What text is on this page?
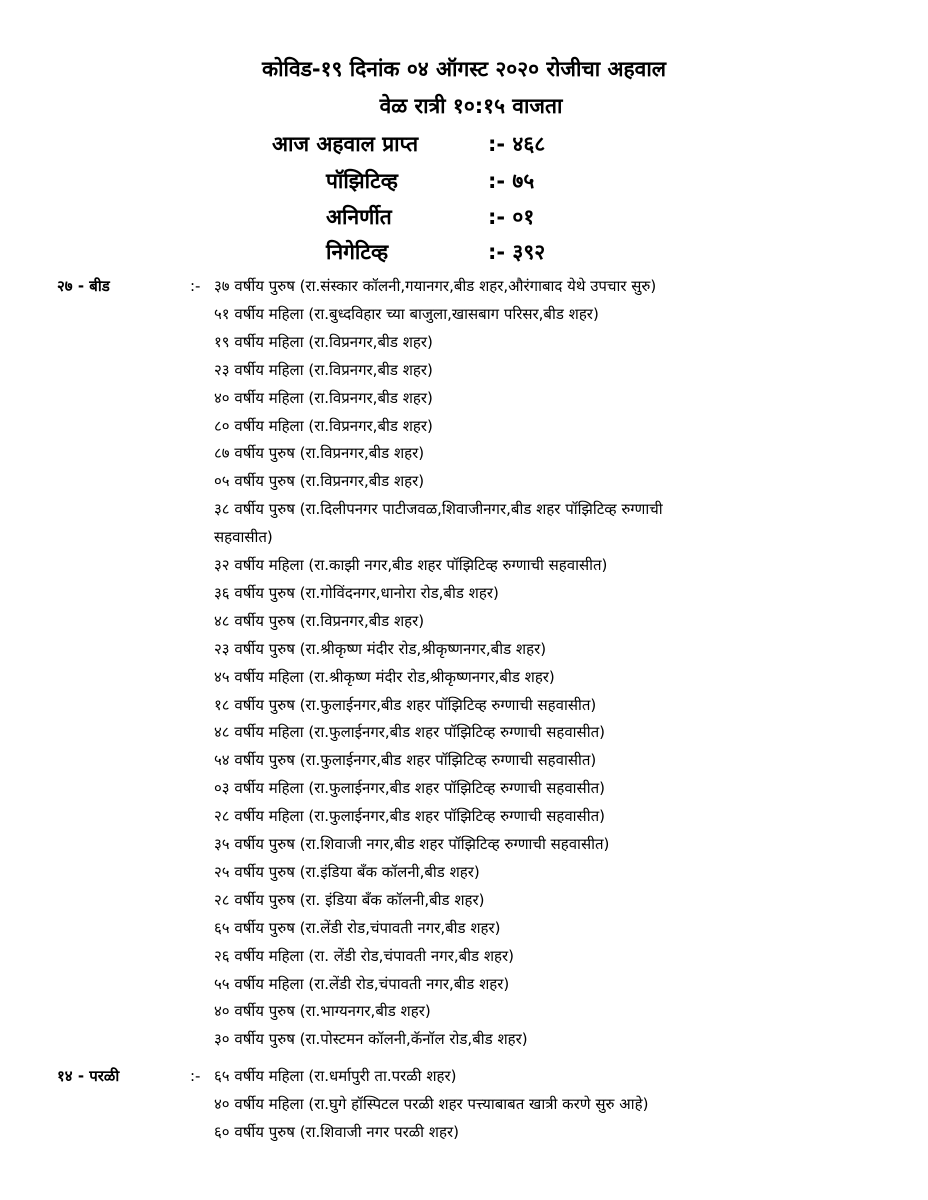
कोविड-१९ दिनांक ०४ ऑगस्ट २०२० रोजीचा अहवाल
वेळ रात्री १०:१५ वाजता
आज अहवाल प्राप्त	:- ४६८
पॉझिटिव्ह	:- ७५
अनिर्णीत	:- ०१
निगेटिव्ह	:- ३९२
२७ - बीड	:- ३७ वर्षीय पुरुष (रा.संस्कार कॉलनी,गयानगर,बीड शहर,औरंगाबाद येथे उपचार सुरु)
५१ वर्षीय महिला (रा.बुध्दविहार च्या बाजुला,खासबाग परिसर,बीड शहर)
१९ वर्षीय महिला (रा.विप्रनगर,बीड शहर)
२३ वर्षीय महिला (रा.विप्रनगर,बीड शहर)
४० वर्षीय महिला (रा.विप्रनगर,बीड शहर)
८० वर्षीय महिला (रा.विप्रनगर,बीड शहर)
८७ वर्षीय पुरुष (रा.विप्रनगर,बीड शहर)
०५ वर्षीय पुरुष (रा.विप्रनगर,बीड शहर)
३८ वर्षीय पुरुष (रा.दिलीपनगर पाटीजवळ,शिवाजीनगर,बीड शहर पॉझिटिव्ह रुग्णाची
सहवासीत)
३२ वर्षीय महिला (रा.काझी नगर,बीड शहर पॉझिटिव्ह रुग्णाची सहवासीत)
३६ वर्षीय पुरुष (रा.गोविंदनगर,धानोरा रोड,बीड शहर)
४८ वर्षीय पुरुष (रा.विप्रनगर,बीड शहर)
२३ वर्षीय पुरुष (रा.श्रीकृष्ण मंदीर रोड,श्रीकृष्णनगर,बीड शहर)
४५ वर्षीय महिला (रा.श्रीकृष्ण मंदीर रोड,श्रीकृष्णनगर,बीड शहर)
१८ वर्षीय पुरुष (रा.फुलाईनगर,बीड शहर पॉझिटिव्ह रुग्णाची सहवासीत)
४८ वर्षीय महिला (रा.फुलाईनगर,बीड शहर पॉझिटिव्ह रुग्णाची सहवासीत)
५४ वर्षीय पुरुष (रा.फुलाईनगर,बीड शहर पॉझिटिव्ह रुग्णाची सहवासीत)
०३ वर्षीय महिला (रा.फुलाईनगर,बीड शहर पॉझिटिव्ह रुग्णाची सहवासीत)
२८ वर्षीय महिला (रा.फुलाईनगर,बीड शहर पॉझिटिव्ह रुग्णाची सहवासीत)
३५ वर्षीय पुरुष (रा.शिवाजी नगर,बीड शहर पॉझिटिव्ह रुग्णाची सहवासीत)
२५ वर्षीय पुरुष (रा.इंडिया बँक कॉलनी,बीड शहर)
२८ वर्षीय पुरुष (रा. इंडिया बँक कॉलनी,बीड शहर)
६५ वर्षीय पुरुष (रा.लेंडी रोड,चंपावती नगर,बीड शहर)
२६ वर्षीय महिला (रा. लेंडी रोड,चंपावती नगर,बीड शहर)
५५ वर्षीय महिला (रा.लेंडी रोड,चंपावती नगर,बीड शहर)
४० वर्षीय पुरुष (रा.भाग्यनगर,बीड शहर)
३० वर्षीय पुरुष (रा.पोस्टमन कॉलनी,कॅनॉल रोड,बीड शहर)
१४ - परळी	:- ६५ वर्षीय महिला (रा.धर्मापुरी ता.परळी शहर)
४० वर्षीय महिला (रा.घुगे हॉस्पिटल परळी शहर पत्त्याबाबत खात्री करणे सुरु आहे)
६० वर्षीय पुरुष (रा.शिवाजी नगर परळी शहर)
